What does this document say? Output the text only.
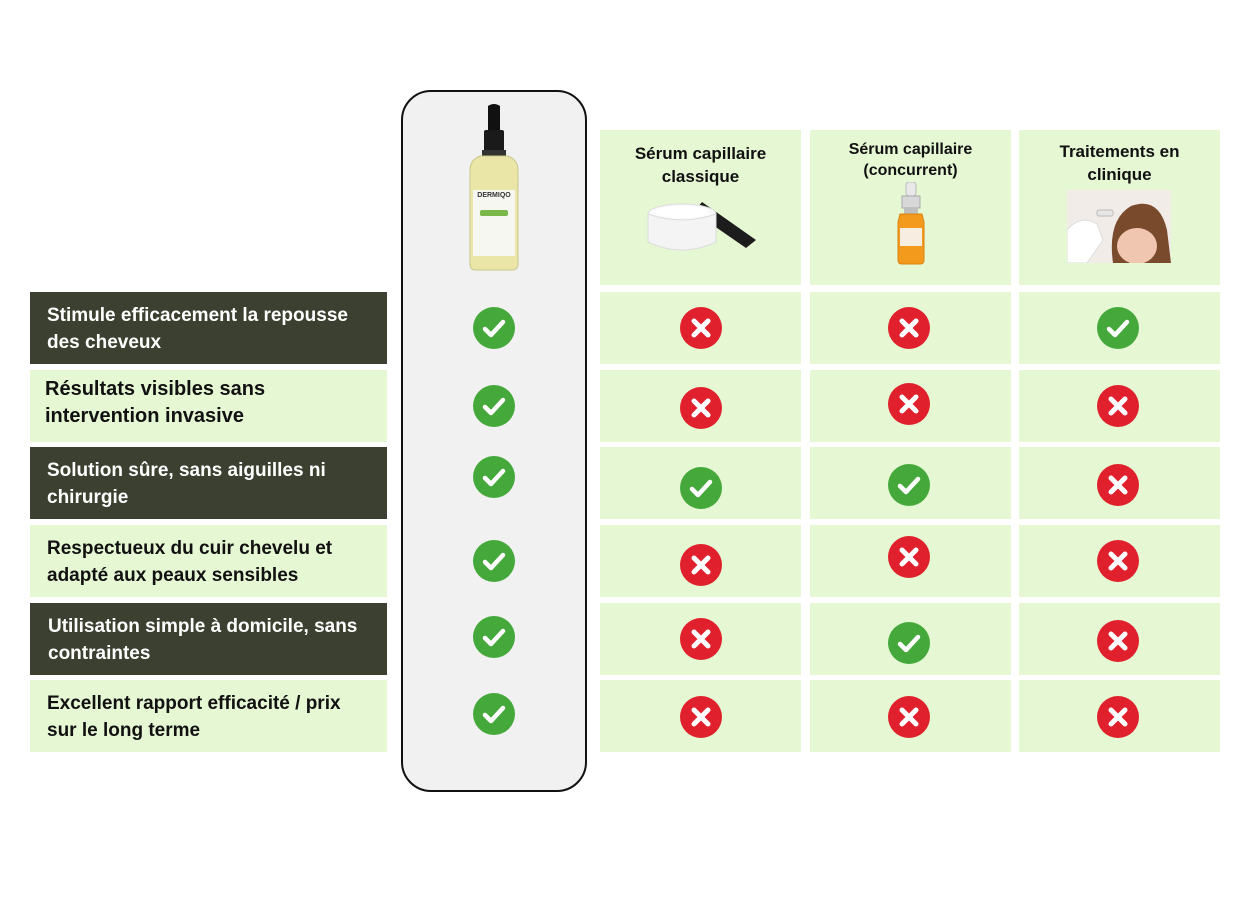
DERMIQO
Sérum capillaire classique
Sérum capillaire (concurrent)
Traitements en clinique
Stimule efficacement la repousse des cheveux
Résultats visibles sans intervention invasive
Solution sûre, sans aiguilles ni chirurgie
Respectueux du cuir chevelu et adapté aux peaux sensibles
Utilisation simple à domicile, sans contraintes
Excellent rapport efficacité / prix sur le long terme
